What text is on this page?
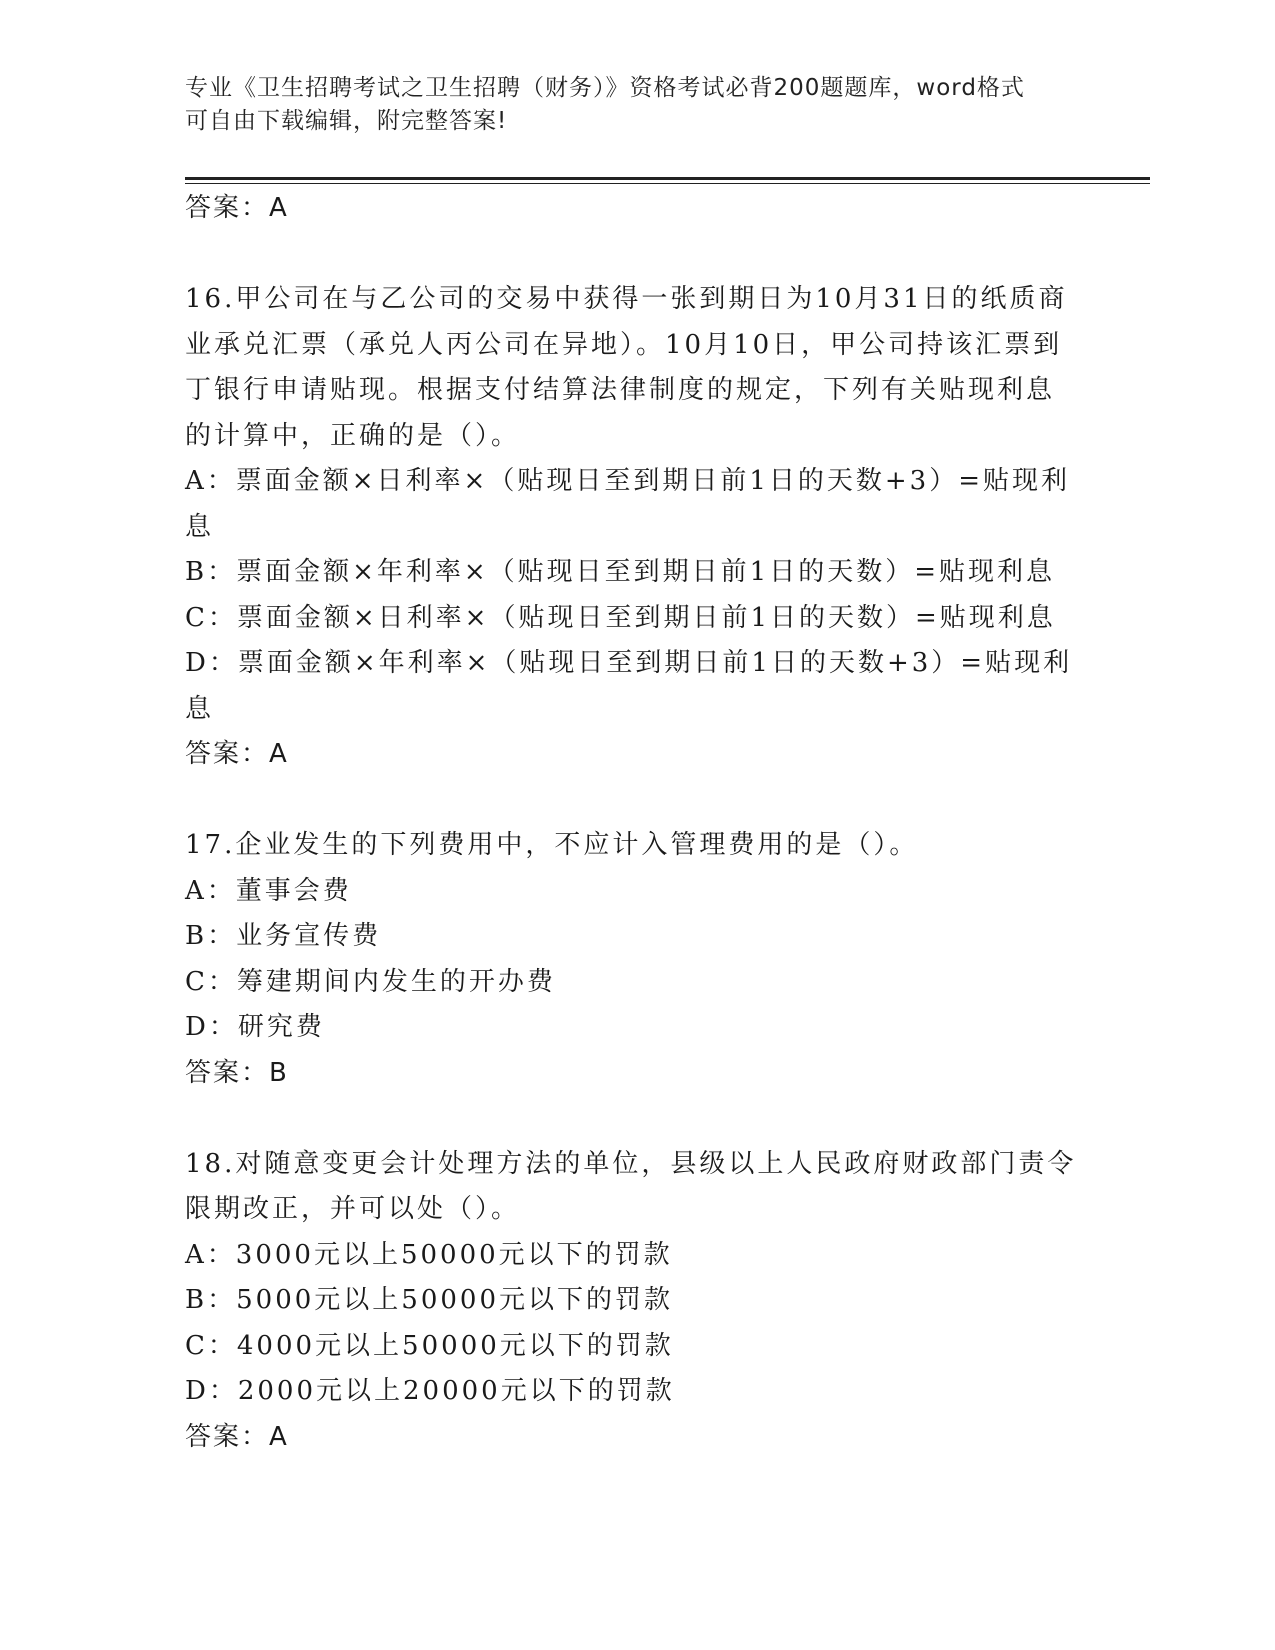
专业《卫生招聘考试之卫生招聘（财务）》资格考试必背200题题库，word格式
可自由下载编辑，附完整答案!
答案：A
16.甲公司在与乙公司的交易中获得一张到期日为10月31日的纸质商
业承兑汇票（承兑人丙公司在异地）。10月10日，甲公司持该汇票到
丁银行申请贴现。根据支付结算法律制度的规定，下列有关贴现利息
的计算中，正确的是（）。
A：票面金额×日利率×（贴现日至到期日前1日的天数+3）=贴现利
息
B：票面金额×年利率×（贴现日至到期日前1日的天数）=贴现利息
C：票面金额×日利率×（贴现日至到期日前1日的天数）=贴现利息
D：票面金额×年利率×（贴现日至到期日前1日的天数+3）=贴现利
息
答案：A
17.企业发生的下列费用中，不应计入管理费用的是（）。
A：董事会费
B：业务宣传费
C：筹建期间内发生的开办费
D：研究费
答案：B
18.对随意变更会计处理方法的单位，县级以上人民政府财政部门责令
限期改正，并可以处（）。
A：3000元以上50000元以下的罚款
B：5000元以上50000元以下的罚款
C：4000元以上50000元以下的罚款
D：2000元以上20000元以下的罚款
答案：A
